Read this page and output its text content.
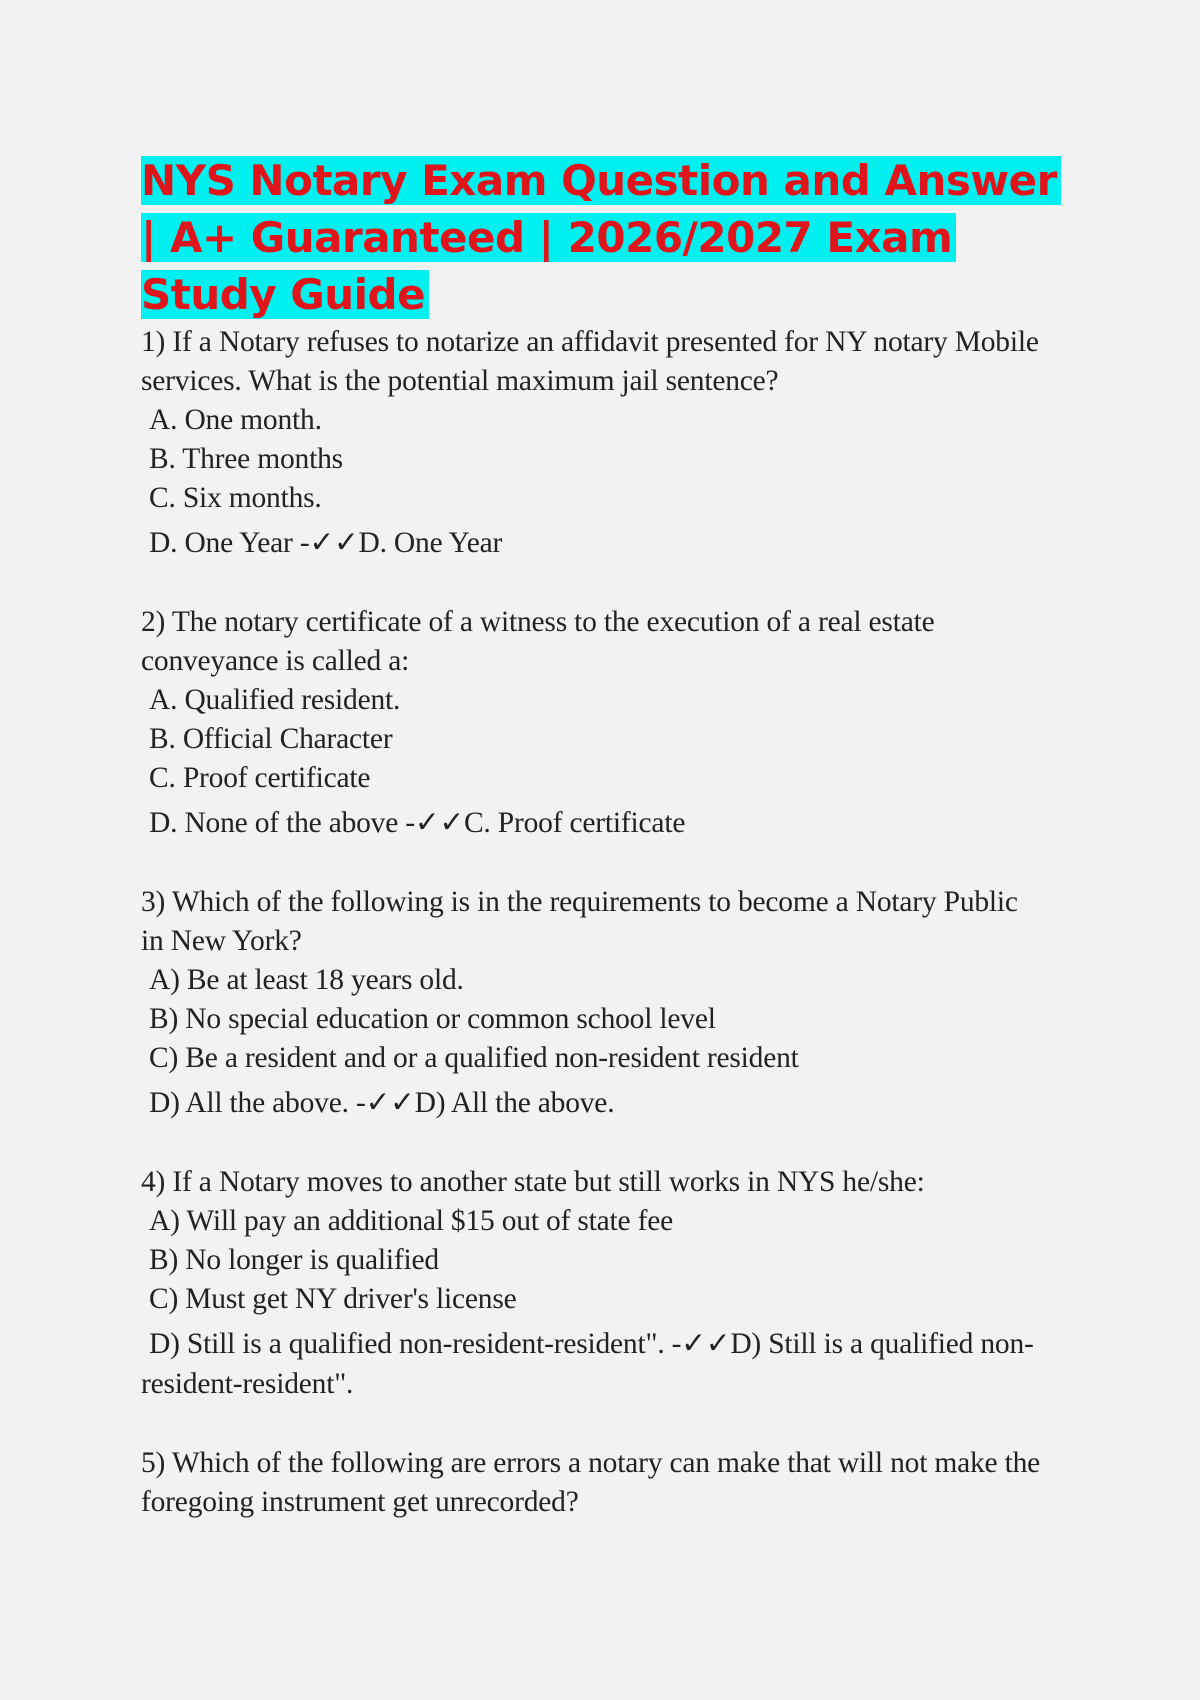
NYS Notary Exam Question and Answer | A+ Guaranteed | 2026/2027 Exam Study Guide

1) If a Notary refuses to notarize an affidavit presented for NY notary Mobile services. What is the potential maximum jail sentence?

A. One month.

B. Three months

C. Six months.

D. One Year -✓✓D. One Year

2) The notary certificate of a witness to the execution of a real estate conveyance is called a:

A. Qualified resident.

B. Official Character

C. Proof certificate

D. None of the above -✓✓C. Proof certificate

3) Which of the following is in the requirements to become a Notary Public in New York?

A) Be at least 18 years old.

B) No special education or common school level

C) Be a resident and or a qualified non-resident resident

D) All the above. -✓✓D) All the above.

4) If a Notary moves to another state but still works in NYS he/she:

A) Will pay an additional $15 out of state fee

B) No longer is qualified

C) Must get NY driver's license

D) Still is a qualified non-resident-resident". -✓✓D) Still is a qualified non-resident-resident".

5) Which of the following are errors a notary can make that will not make the foregoing instrument get unrecorded?
